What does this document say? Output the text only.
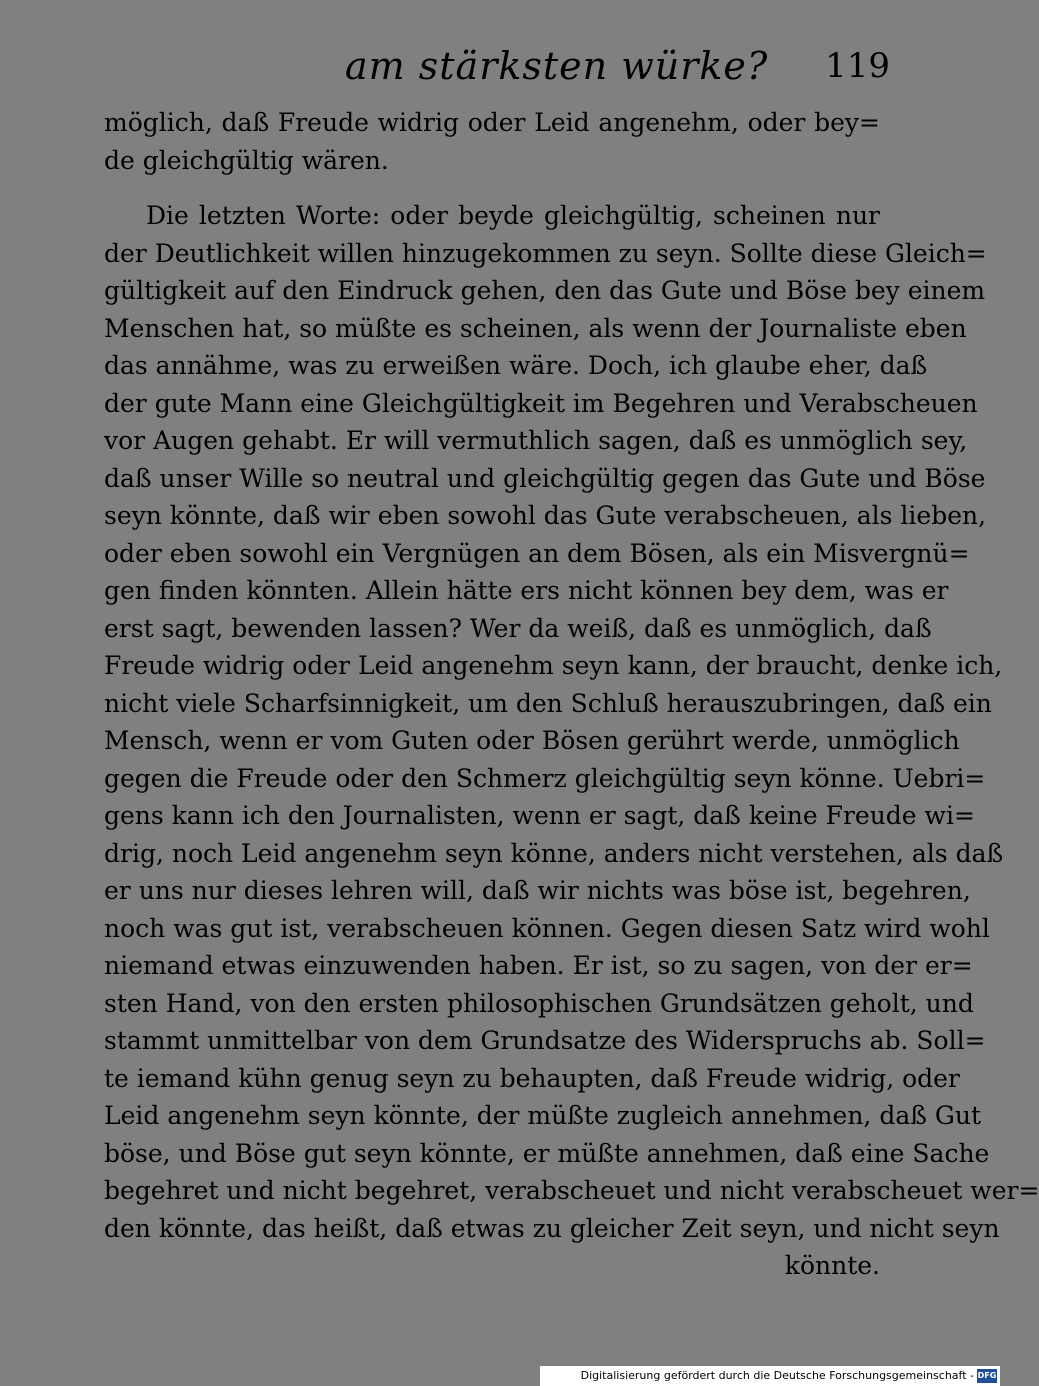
am stärksten würke? 119
möglich, daß Freude widrig oder Leid angenehm, oder bey=
de gleichgültig wären.
Die letzten Worte: oder beyde gleichgültig, scheinen nur
der Deutlichkeit willen hinzugekommen zu seyn. Sollte diese Gleich=
gültigkeit auf den Eindruck gehen, den das Gute und Böse bey einem
Menschen hat, so müßte es scheinen, als wenn der Journaliste eben
das annähme, was zu erweißen wäre. Doch, ich glaube eher, daß
der gute Mann eine Gleichgültigkeit im Begehren und Verabscheuen
vor Augen gehabt. Er will vermuthlich sagen, daß es unmöglich sey,
daß unser Wille so neutral und gleichgültig gegen das Gute und Böse
seyn könnte, daß wir eben sowohl das Gute verabscheuen, als lieben,
oder eben sowohl ein Vergnügen an dem Bösen, als ein Misvergnü=
gen finden könnten. Allein hätte ers nicht können bey dem, was er
erst sagt, bewenden lassen? Wer da weiß, daß es unmöglich, daß
Freude widrig oder Leid angenehm seyn kann, der braucht, denke ich,
nicht viele Scharfsinnigkeit, um den Schluß herauszubringen, daß ein
Mensch, wenn er vom Guten oder Bösen gerührt werde, unmöglich
gegen die Freude oder den Schmerz gleichgültig seyn könne. Uebri=
gens kann ich den Journalisten, wenn er sagt, daß keine Freude wi=
drig, noch Leid angenehm seyn könne, anders nicht verstehen, als daß
er uns nur dieses lehren will, daß wir nichts was böse ist, begehren,
noch was gut ist, verabscheuen können. Gegen diesen Satz wird wohl
niemand etwas einzuwenden haben. Er ist, so zu sagen, von der er=
sten Hand, von den ersten philosophischen Grundsätzen geholt, und
stammt unmittelbar von dem Grundsatze des Widerspruchs ab. Soll=
te iemand kühn genug seyn zu behaupten, daß Freude widrig, oder
Leid angenehm seyn könnte, der müßte zugleich annehmen, daß Gut
böse, und Böse gut seyn könnte, er müßte annehmen, daß eine Sache
begehret und nicht begehret, verabscheuet und nicht verabscheuet wer=
den könnte, das heißt, daß etwas zu gleicher Zeit seyn, und nicht seyn
könnte.
Digitalisierung gefördert durch die Deutsche Forschungsgemeinschaft - DFG
